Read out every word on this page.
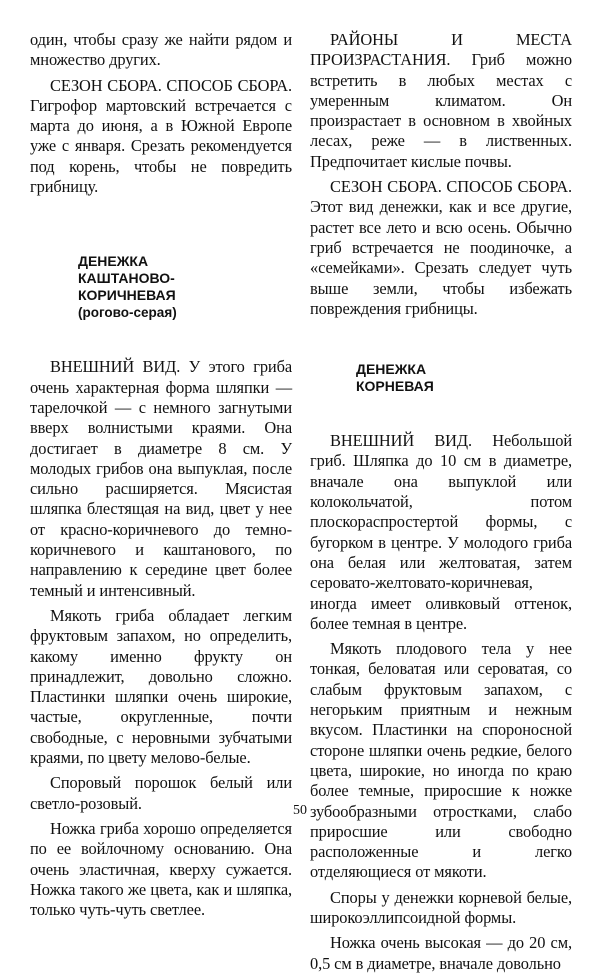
один, чтобы сразу же найти рядом и множество других.

СЕЗОН СБОРА. СПОСОБ СБОРА. Гигрофор мартовский встречается с марта до июня, а в Южной Европе уже с января. Срезать рекомендуется под корень, чтобы не повредить грибницу.

ДЕНЕЖКА
КАШТАНОВО-
КОРИЧНЕВАЯ
(рогово-серая)

ВНЕШНИЙ ВИД. У этого гриба очень характерная форма шляпки — тарелочкой — с немного загнутыми вверх волнистыми краями. Она достигает в диаметре 8 см. У молодых грибов она выпуклая, после сильно расширяется. Мясистая шляпка блестящая на вид, цвет у нее от красно-коричневого до темно-коричневого и каштанового, по направлению к середине цвет более темный и интенсивный.

Мякоть гриба обладает легким фруктовым запахом, но определить, какому именно фрукту он принадлежит, довольно сложно. Пластинки шляпки очень широкие, частые, округленные, почти свободные, с неровными зубчатыми краями, по цвету мелово-белые.

Споровый порошок белый или светло-розовый.

Ножка гриба хорошо определяется по ее войлочному основанию. Она очень эластичная, кверху сужается. Ножка такого же цвета, как и шляпка, только чуть-чуть светлее.

РАЙОНЫ И МЕСТА ПРОИЗРАСТАНИЯ. Гриб можно встретить в любых местах с умеренным климатом. Он произрастает в основном в хвойных лесах, реже — в лиственных. Предпочитает кислые почвы.

СЕЗОН СБОРА. СПОСОБ СБОРА. Этот вид денежки, как и все другие, растет все лето и всю осень. Обычно гриб встречается не поодиночке, а «семейками». Срезать следует чуть выше земли, чтобы избежать повреждения грибницы.

ДЕНЕЖКА
КОРНЕВАЯ

ВНЕШНИЙ ВИД. Небольшой гриб. Шляпка до 10 см в диаметре, вначале она выпуклой или колокольчатой, потом плоскораспростертой формы, с бугорком в центре. У молодого гриба она белая или желтоватая, затем серовато-желтовато-коричневая, иногда имеет оливковый оттенок, более темная в центре.

Мякоть плодового тела у нее тонкая, беловатая или сероватая, со слабым фруктовым запахом, с негорьким приятным и нежным вкусом. Пластинки на спороносной стороне шляпки очень редкие, белого цвета, широкие, но иногда по краю более темные, приросшие к ножке зубообразными отростками, слабо приросшие или свободно расположенные и легко отделяющиеся от мякоти.

Споры у денежки корневой белые, широкоэллипсоидной формы.

Ножка очень высокая — до 20 см, 0,5 см в диаметре, вначале довольно

50
